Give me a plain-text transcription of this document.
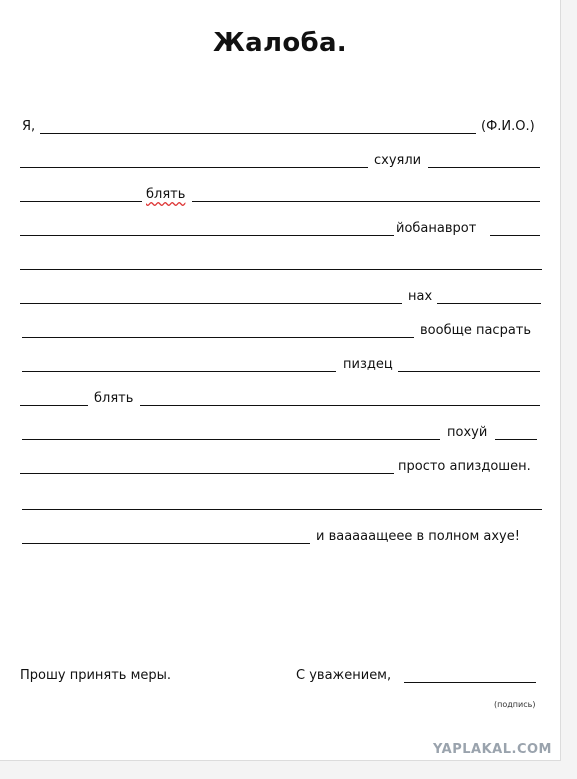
Жалоба.
Я,	(Ф.И.О.)
схуяли
блять
йобанаврот
нах
вообще пасрать
пиздец
блять
похуй
просто апиздошен.
и вааааащеее в полном ахуе!
Прошу принять меры.	С уважением,
(подпись)
YAPLAKAL.COM
